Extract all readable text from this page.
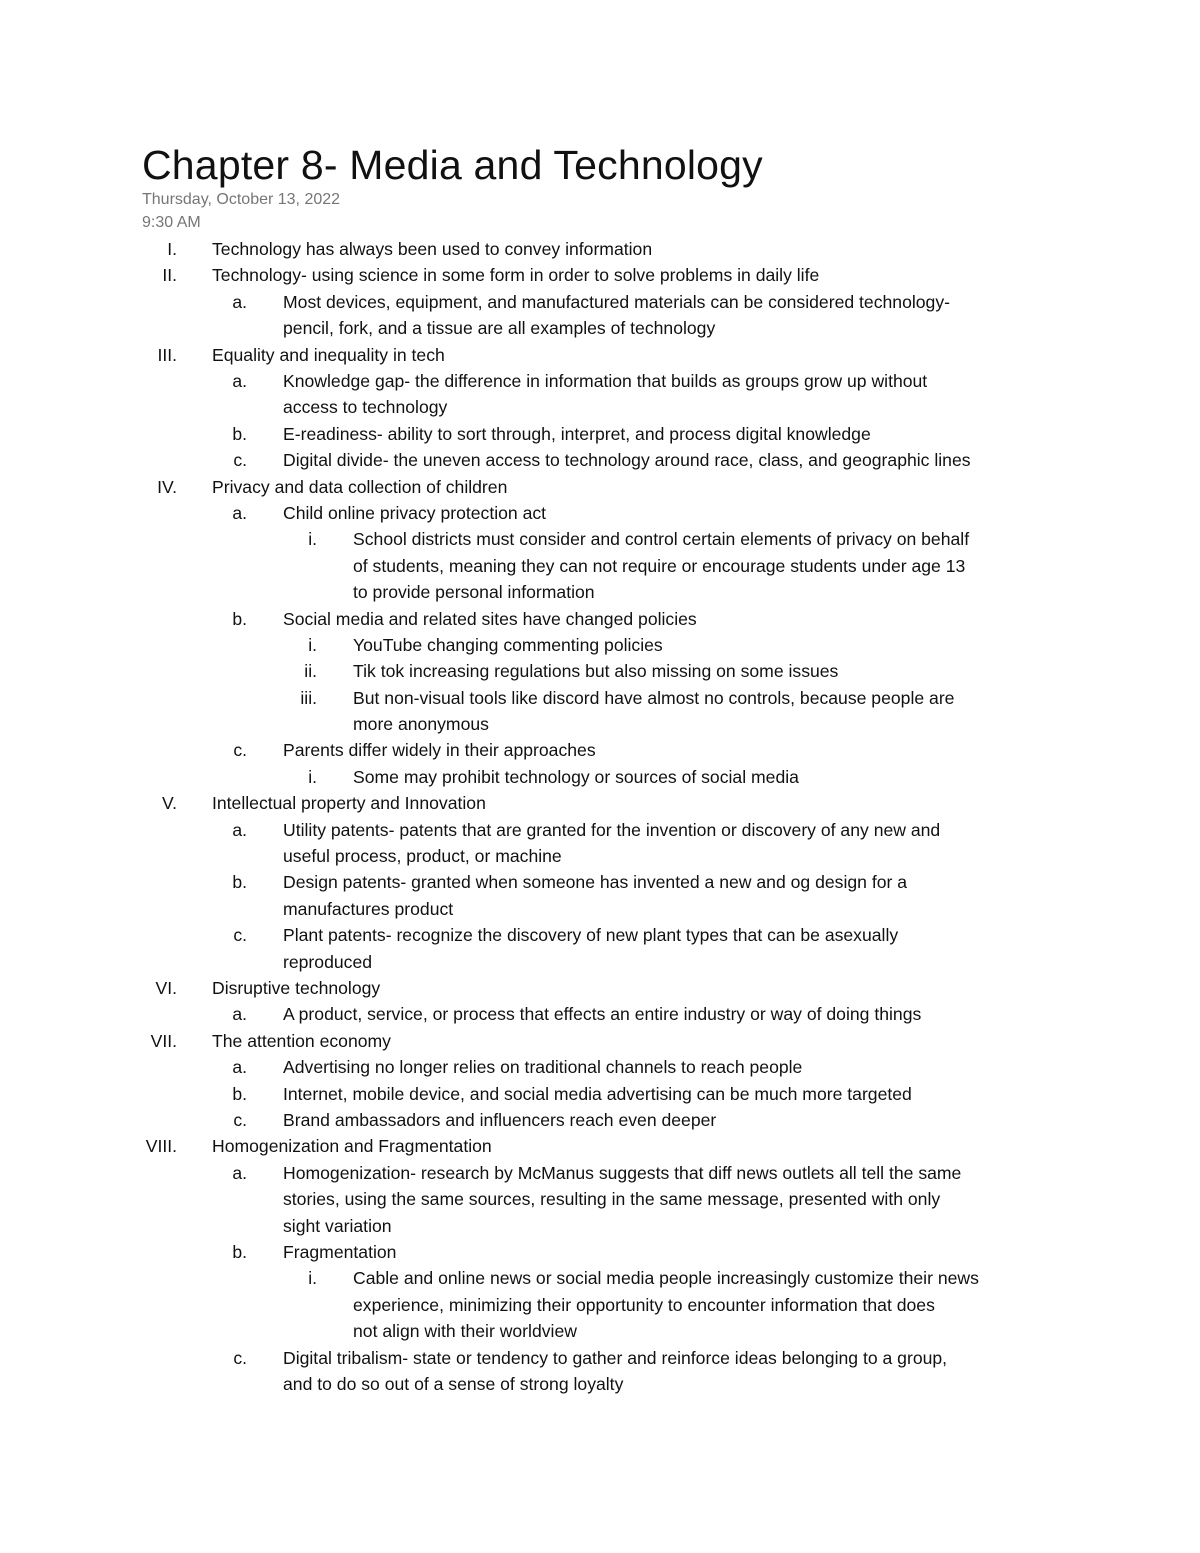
Chapter 8- Media and Technology
Thursday, October 13, 2022
9:30 AM
I. Technology has always been used to convey information
II. Technology- using science in some form in order to solve problems in daily life
a. Most devices, equipment, and manufactured materials can be considered technology-
pencil, fork, and a tissue are all examples of technology
III. Equality and inequality in tech
a. Knowledge gap- the difference in information that builds as groups grow up without
access to technology
b. E-readiness- ability to sort through, interpret, and process digital knowledge
c. Digital divide- the uneven access to technology around race, class, and geographic lines
IV. Privacy and data collection of children
a. Child online privacy protection act
i. School districts must consider and control certain elements of privacy on behalf
of students, meaning they can not require or encourage students under age 13
to provide personal information
b. Social media and related sites have changed policies
i. YouTube changing commenting policies
ii. Tik tok increasing regulations but also missing on some issues
iii. But non-visual tools like discord have almost no controls, because people are
more anonymous
c. Parents differ widely in their approaches
i. Some may prohibit technology or sources of social media
V. Intellectual property and Innovation
a. Utility patents- patents that are granted for the invention or discovery of any new and
useful process, product, or machine
b. Design patents- granted when someone has invented a new and og design for a
manufactures product
c. Plant patents- recognize the discovery of new plant types that can be asexually
reproduced
VI. Disruptive technology
a. A product, service, or process that effects an entire industry or way of doing things
VII. The attention economy
a. Advertising no longer relies on traditional channels to reach people
b. Internet, mobile device, and social media advertising can be much more targeted
c. Brand ambassadors and influencers reach even deeper
VIII. Homogenization and Fragmentation
a. Homogenization- research by McManus suggests that diff news outlets all tell the same
stories, using the same sources, resulting in the same message, presented with only
sight variation
b. Fragmentation
i. Cable and online news or social media people increasingly customize their news
experience, minimizing their opportunity to encounter information that does
not align with their worldview
c. Digital tribalism- state or tendency to gather and reinforce ideas belonging to a group,
and to do so out of a sense of strong loyalty
